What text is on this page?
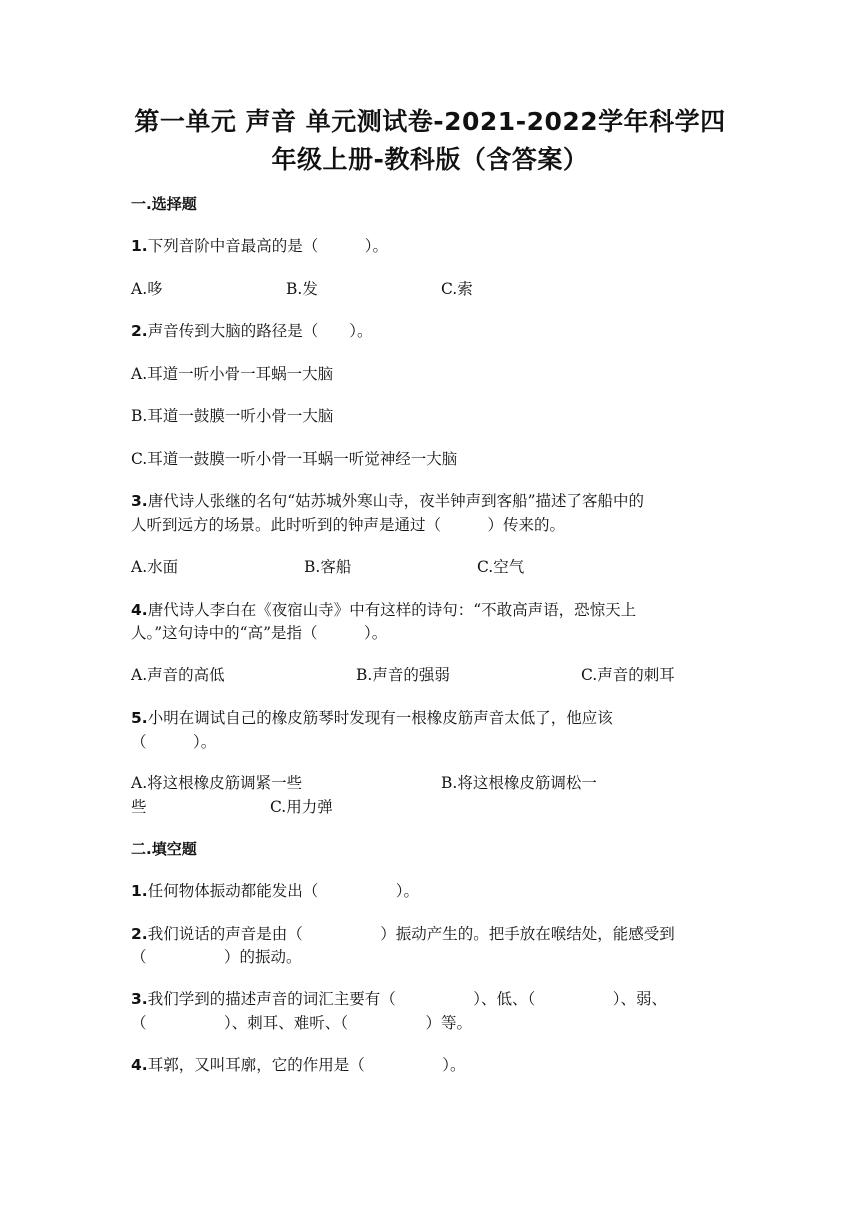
第一单元 声音 单元测试卷-2021-2022学年科学四
年级上册-教科版（含答案）
一.选择题
1.下列音阶中音最高的是（　　　）。
A.哆	B.发	C.索
2.声音传到大脑的路径是（　　）。
A.耳道一听小骨一耳蜗一大脑
B.耳道一鼓膜一听小骨一大脑
C.耳道一鼓膜一听小骨一耳蜗一听觉神经一大脑
3.唐代诗人张继的名句“姑苏城外寒山寺，夜半钟声到客船”描述了客船中的
人听到远方的场景。此时听到的钟声是通过（　　　）传来的。
A.水面	B.客船	C.空气
4.唐代诗人李白在《夜宿山寺》中有这样的诗句：“不敢高声语，恐惊天上
人。”这句诗中的“高”是指（　　　）。
A.声音的高低	B.声音的强弱	C.声音的刺耳
5.小明在调试自己的橡皮筋琴时发现有一根橡皮筋声音太低了，他应该
（　　　）。
A.将这根橡皮筋调紧一些	B.将这根橡皮筋调松一
些	C.用力弹
二.填空题
1.任何物体振动都能发出（　　　　　）。
2.我们说话的声音是由（　　　　　）振动产生的。把手放在喉结处，能感受到
（　　　　　）的振动。
3.我们学到的描述声音的词汇主要有（　　　　　）、低、（　　　　　）、弱、
（　　　　　）、刺耳、难听、（　　　　　）等。
4.耳郭，又叫耳廓，它的作用是（　　　　　）。
